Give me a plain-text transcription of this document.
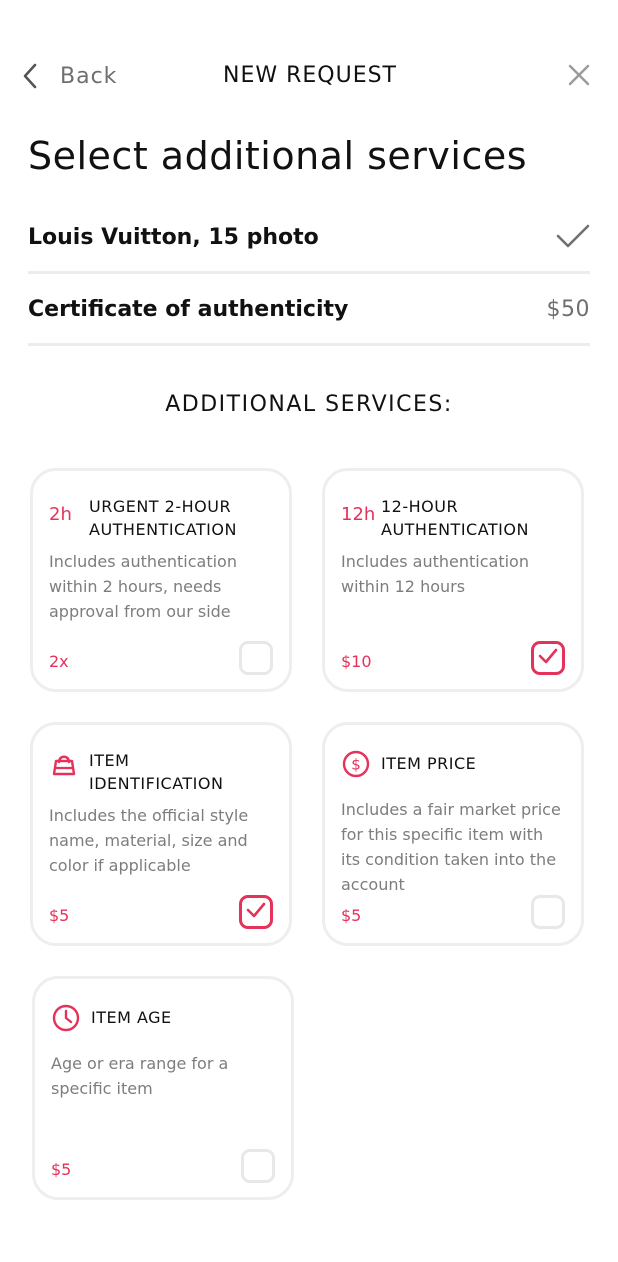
Back	NEW REQUEST
Select additional services
Louis Vuitton, 15 photo
Certificate of authenticity	$50
ADDITIONAL SERVICES:
2h	URGENT 2-HOUR
AUTHENTICATION
Includes authentication within 2 hours, needs approval from our side
2x
12h 12-HOUR
AUTHENTICATION
Includes authentication within 12 hours
$10
ITEM
IDENTIFICATION
Includes the official style name, material, size and color if applicable
$5
$ ITEM PRICE
Includes a fair market price for this specific item with its condition taken into the account
$5
ITEM AGE
Age or era range for a specific item
$5
